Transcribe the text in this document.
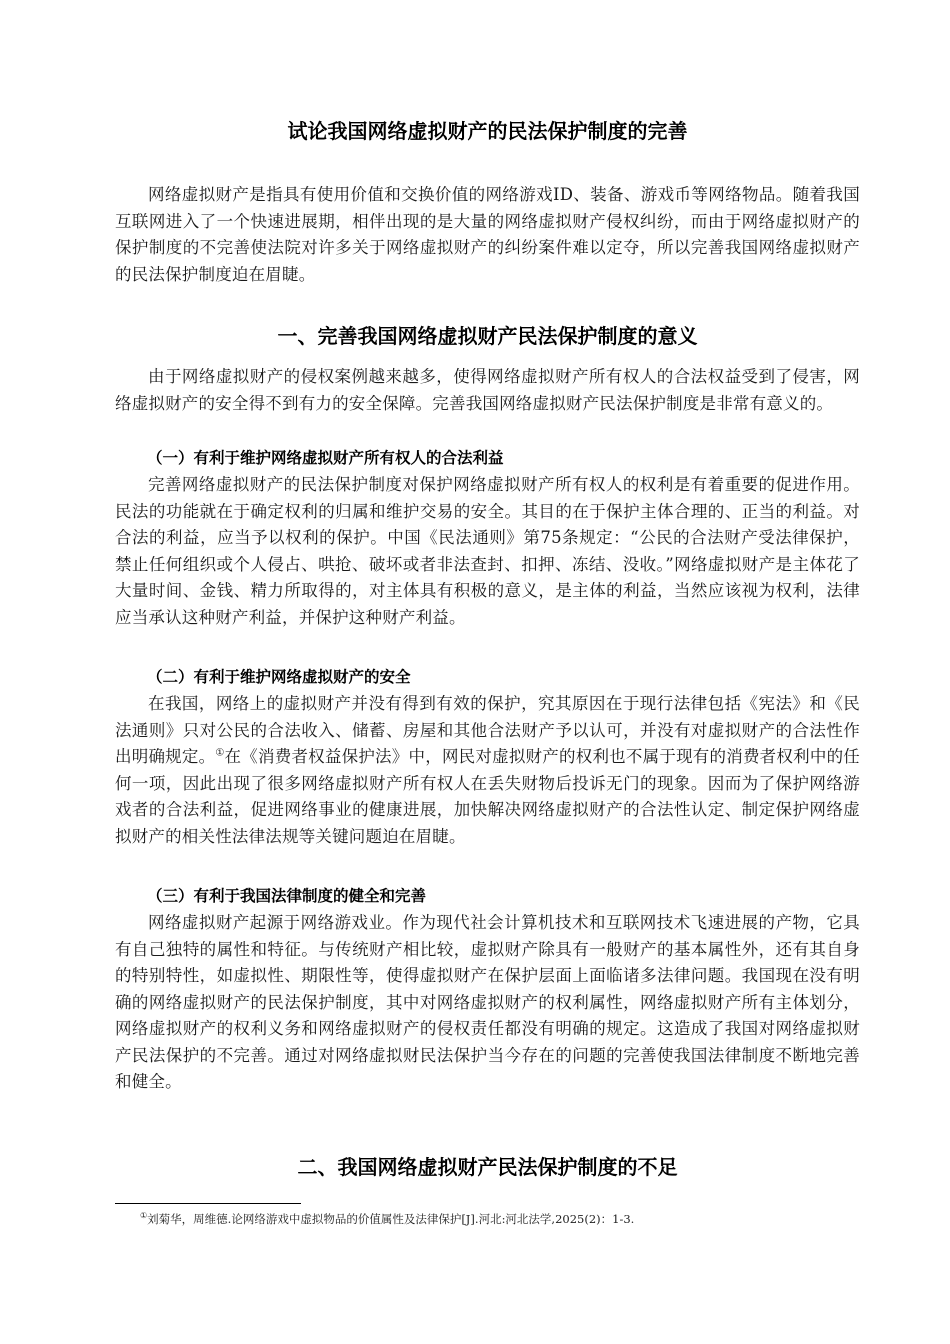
试论我国网络虚拟财产的民法保护制度的完善

网络虚拟财产是指具有使用价值和交换价值的网络游戏ID、装备、游戏币等网络物品。随着我国互联网进入了一个快速进展期，相伴出现的是大量的网络虚拟财产侵权纠纷，而由于网络虚拟财产的保护制度的不完善使法院对许多关于网络虚拟财产的纠纷案件难以定夺，所以完善我国网络虚拟财产的民法保护制度迫在眉睫。

一、完善我国网络虚拟财产民法保护制度的意义

由于网络虚拟财产的侵权案例越来越多，使得网络虚拟财产所有权人的合法权益受到了侵害，网络虚拟财产的安全得不到有力的安全保障。完善我国网络虚拟财产民法保护制度是非常有意义的。

（一）有利于维护网络虚拟财产所有权人的合法利益

完善网络虚拟财产的民法保护制度对保护网络虚拟财产所有权人的权利是有着重要的促进作用。民法的功能就在于确定权利的归属和维护交易的安全。其目的在于保护主体合理的、正当的利益。对合法的利益，应当予以权利的保护。中国《民法通则》第75条规定：“公民的合法财产受法律保护，禁止任何组织或个人侵占、哄抢、破坏或者非法查封、扣押、冻结、没收。”网络虚拟财产是主体花了大量时间、金钱、精力所取得的，对主体具有积极的意义，是主体的利益，当然应该视为权利，法律应当承认这种财产利益，并保护这种财产利益。

（二）有利于维护网络虚拟财产的安全

在我国，网络上的虚拟财产并没有得到有效的保护，究其原因在于现行法律包括《宪法》和《民法通则》只对公民的合法收入、储蓄、房屋和其他合法财产予以认可，并没有对虚拟财产的合法性作出明确规定。①在《消费者权益保护法》中，网民对虚拟财产的权利也不属于现有的消费者权利中的任何一项，因此出现了很多网络虚拟财产所有权人在丢失财物后投诉无门的现象。因而为了保护网络游戏者的合法利益，促进网络事业的健康进展，加快解决网络虚拟财产的合法性认定、制定保护网络虚拟财产的相关性法律法规等关键问题迫在眉睫。

（三）有利于我国法律制度的健全和完善

网络虚拟财产起源于网络游戏业。作为现代社会计算机技术和互联网技术飞速进展的产物，它具有自己独特的属性和特征。与传统财产相比较，虚拟财产除具有一般财产的基本属性外，还有其自身的特别特性，如虚拟性、期限性等，使得虚拟财产在保护层面上面临诸多法律问题。我国现在没有明确的网络虚拟财产的民法保护制度，其中对网络虚拟财产的权利属性，网络虚拟财产所有主体划分，网络虚拟财产的权利义务和网络虚拟财产的侵权责任都没有明确的规定。这造成了我国对网络虚拟财产民法保护的不完善。通过对网络虚拟财民法保护当今存在的问题的完善使我国法律制度不断地完善和健全。

二、我国网络虚拟财产民法保护制度的不足

①刘菊华，周维德.论网络游戏中虚拟物品的价值属性及法律保护[J].河北:河北法学,2025(2)：1-3.
